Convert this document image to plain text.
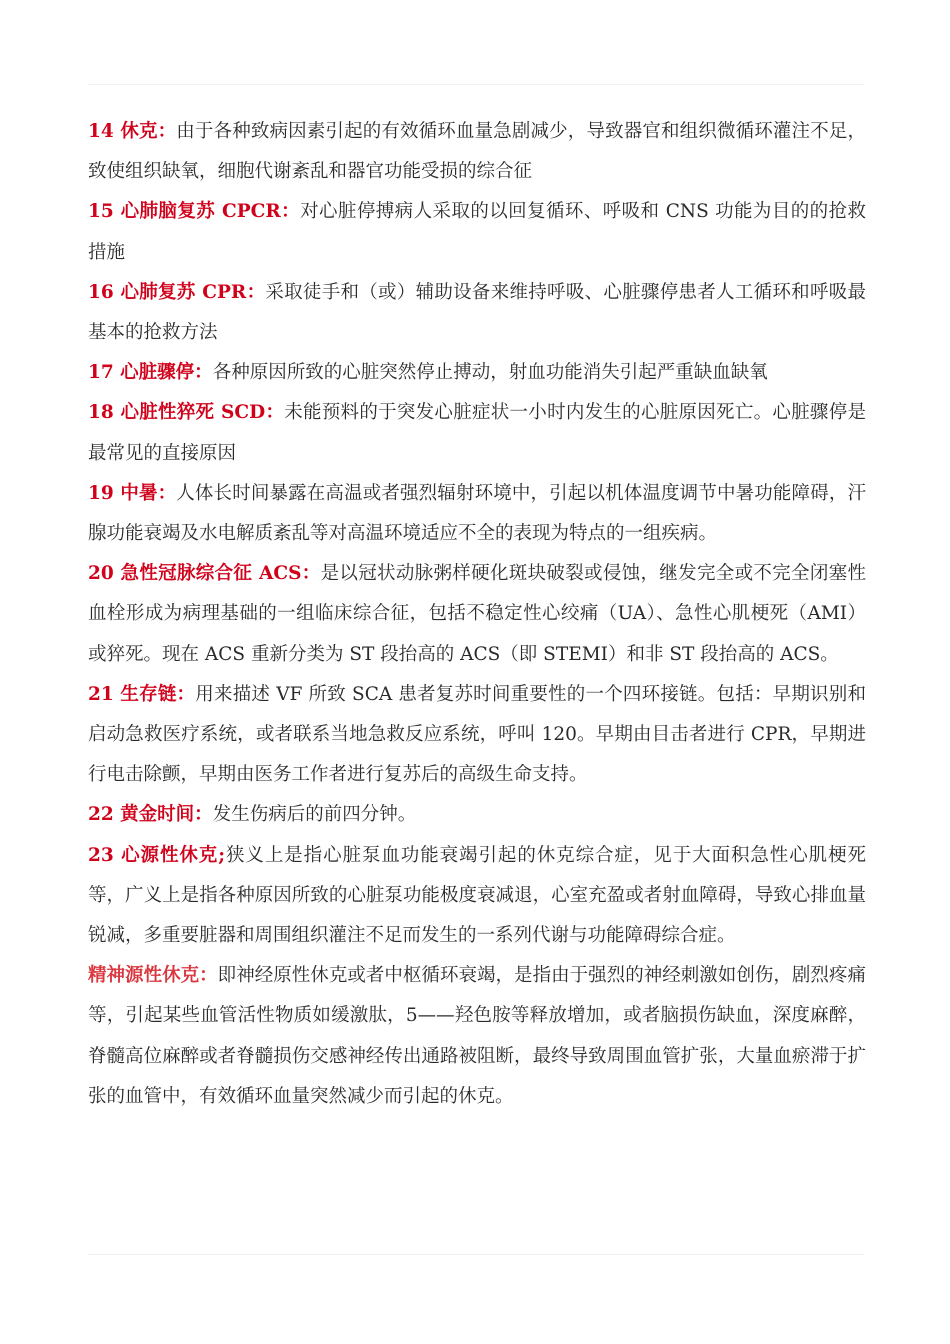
14 休克：由于各种致病因素引起的有效循环血量急剧减少，导致器官和组织微循环灌注不足，致使组织缺氧，细胞代谢紊乱和器官功能受损的综合征

15 心肺脑复苏 CPCR：对心脏停搏病人采取的以回复循环、呼吸和 CNS 功能为目的的抢救措施

16 心肺复苏 CPR：采取徒手和（或）辅助设备来维持呼吸、心脏骤停患者人工循环和呼吸最基本的抢救方法

17 心脏骤停：各种原因所致的心脏突然停止搏动，射血功能消失引起严重缺血缺氧

18 心脏性猝死 SCD：未能预料的于突发心脏症状一小时内发生的心脏原因死亡。心脏骤停是最常见的直接原因

19 中暑：人体长时间暴露在高温或者强烈辐射环境中，引起以机体温度调节中暑功能障碍，汗腺功能衰竭及水电解质紊乱等对高温环境适应不全的表现为特点的一组疾病。

20 急性冠脉综合征 ACS：是以冠状动脉粥样硬化斑块破裂或侵蚀，继发完全或不完全闭塞性血栓形成为病理基础的一组临床综合征，包括不稳定性心绞痛（UA）、急性心肌梗死（AMI）或猝死。现在 ACS 重新分类为 ST 段抬高的 ACS（即 STEMI）和非 ST 段抬高的 ACS。

21 生存链：用来描述 VF 所致 SCA 患者复苏时间重要性的一个四环接链。包括：早期识别和启动急救医疗系统，或者联系当地急救反应系统，呼叫 120。早期由目击者进行 CPR，早期进行电击除颤，早期由医务工作者进行复苏后的高级生命支持。

22 黄金时间：发生伤病后的前四分钟。

23 心源性休克;狭义上是指心脏泵血功能衰竭引起的休克综合症，见于大面积急性心肌梗死等，广义上是指各种原因所致的心脏泵功能极度衰减退，心室充盈或者射血障碍，导致心排血量锐减，多重要脏器和周围组织灌注不足而发生的一系列代谢与功能障碍综合症。

精神源性休克：即神经原性休克或者中枢循环衰竭，是指由于强烈的神经刺激如创伤，剧烈疼痛等，引起某些血管活性物质如缓激肽，5——羟色胺等释放增加，或者脑损伤缺血，深度麻醉，脊髓高位麻醉或者脊髓损伤交感神经传出通路被阻断，最终导致周围血管扩张，大量血瘀滞于扩张的血管中，有效循环血量突然减少而引起的休克。
